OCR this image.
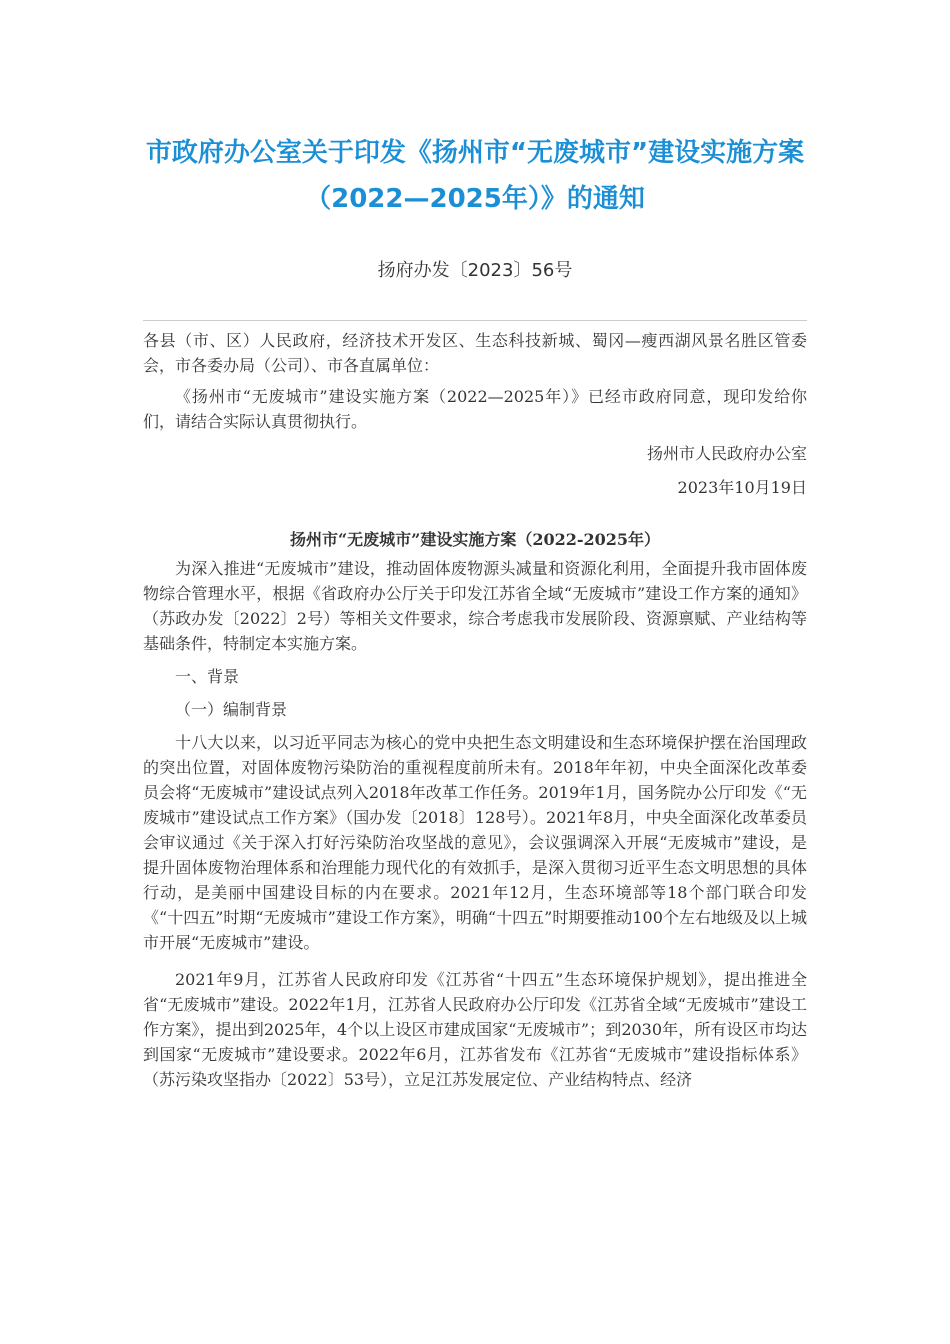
市政府办公室关于印发《扬州市“无废城市”建设实施方案（2022—2025年）》的通知
扬府办发〔2023〕56号

各县（市、区）人民政府，经济技术开发区、生态科技新城、蜀冈—瘦西湖风景名胜区管委会，市各委办局（公司）、市各直属单位：

《扬州市“无废城市”建设实施方案（2022—2025年）》已经市政府同意，现印发给你们，请结合实际认真贯彻执行。

扬州市人民政府办公室

2023年10月19日

扬州市“无废城市”建设实施方案（2022-2025年）

为深入推进“无废城市”建设，推动固体废物源头减量和资源化利用，全面提升我市固体废物综合管理水平，根据《省政府办公厅关于印发江苏省全域“无废城市”建设工作方案的通知》（苏政办发〔2022〕2号）等相关文件要求，综合考虑我市发展阶段、资源禀赋、产业结构等基础条件，特制定本实施方案。

一、背景

（一）编制背景

十八大以来，以习近平同志为核心的党中央把生态文明建设和生态环境保护摆在治国理政的突出位置，对固体废物污染防治的重视程度前所未有。2018年年初，中央全面深化改革委员会将“无废城市”建设试点列入2018年改革工作任务。2019年1月，国务院办公厅印发《“无废城市”建设试点工作方案》（国办发〔2018〕128号）。2021年8月，中央全面深化改革委员会审议通过《关于深入打好污染防治攻坚战的意见》，会议强调深入开展“无废城市”建设，是提升固体废物治理体系和治理能力现代化的有效抓手，是深入贯彻习近平生态文明思想的具体行动，是美丽中国建设目标的内在要求。2021年12月，生态环境部等18个部门联合印发《“十四五”时期“无废城市”建设工作方案》，明确“十四五”时期要推动100个左右地级及以上城市开展“无废城市”建设。

2021年9月，江苏省人民政府印发《江苏省“十四五”生态环境保护规划》，提出推进全省“无废城市”建设。2022年1月，江苏省人民政府办公厅印发《江苏省全域“无废城市”建设工作方案》，提出到2025年，4个以上设区市建成国家“无废城市”；到2030年，所有设区市均达到国家“无废城市”建设要求。2022年6月，江苏省发布《江苏省“无废城市”建设指标体系》（苏污染攻坚指办〔2022〕53号），立足江苏发展定位、产业结构特点、经济
